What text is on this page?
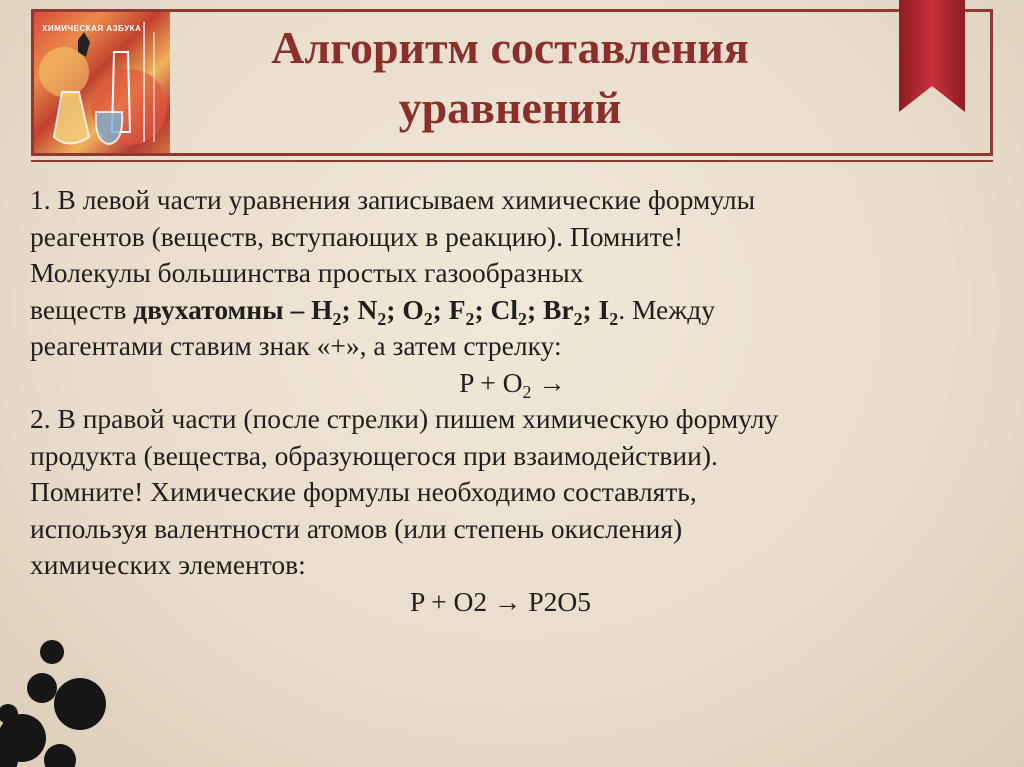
ХИМИЧЕСКАЯ АЗБУКА	Алгоритм составления
уравнений

1. В левой части уравнения записываем химические формулы

реагентов (веществ, вступающих в реакцию). Помните!

Молекулы большинства простых газообразных

веществ двухатомны – $H_2$; $N_2$; $O_2$; $F_2$; $Cl_2$; $Br_2$; $I_2$. Между

реагентами ставим знак «+», а затем стрелку:

$P + O_2$ →

2. В правой части (после стрелки) пишем химическую формулу

продукта (вещества, образующегося при взаимодействии).

Помните! Химические формулы необходимо составлять,

используя валентности атомов (или степень окисления)

химических элементов:

P + O2 → P2O5
